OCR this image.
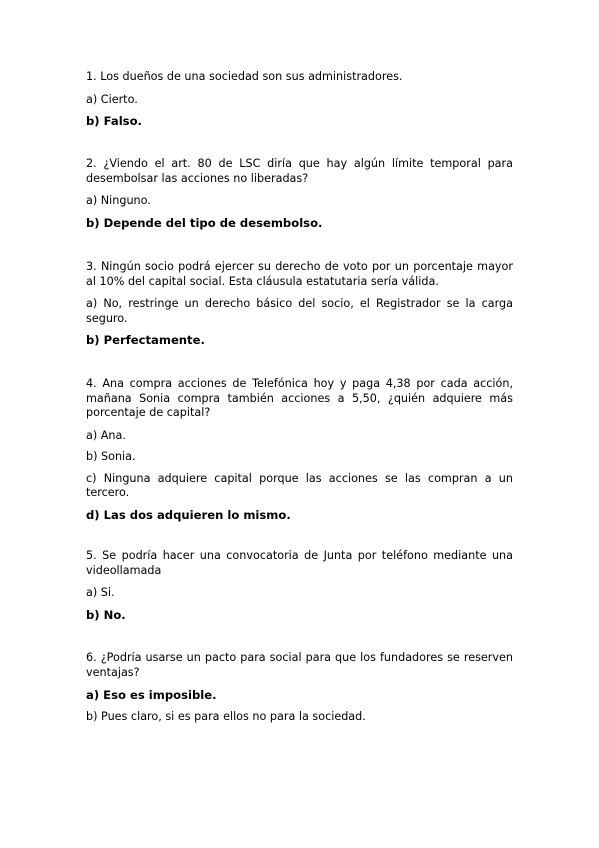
1. Los dueños de una sociedad son sus administradores.

a) Cierto.

b) Falso.

2. ¿Viendo el art. 80 de LSC diría que hay algún límite temporal para desembolsar las acciones no liberadas?

a) Ninguno.

b) Depende del tipo de desembolso.

3. Ningún socio podrá ejercer su derecho de voto por un porcentaje mayor al 10% del capital social. Esta cláusula estatutaria sería válida.

a) No, restringe un derecho básico del socio, el Registrador se la carga seguro.

b) Perfectamente.

4. Ana compra acciones de Telefónica hoy y paga 4,38 por cada acción, mañana Sonia compra también acciones a 5,50, ¿quién adquiere más porcentaje de capital?

a) Ana.

b) Sonia.

c) Ninguna adquiere capital porque las acciones se las compran a un tercero.

d) Las dos adquieren lo mismo.

5. Se podría hacer una convocatoria de Junta por teléfono mediante una videollamada

a) Si.

b) No.

6. ¿Podría usarse un pacto para social para que los fundadores se reserven ventajas?

a) Eso es imposible.

b) Pues claro, si es para ellos no para la sociedad.
